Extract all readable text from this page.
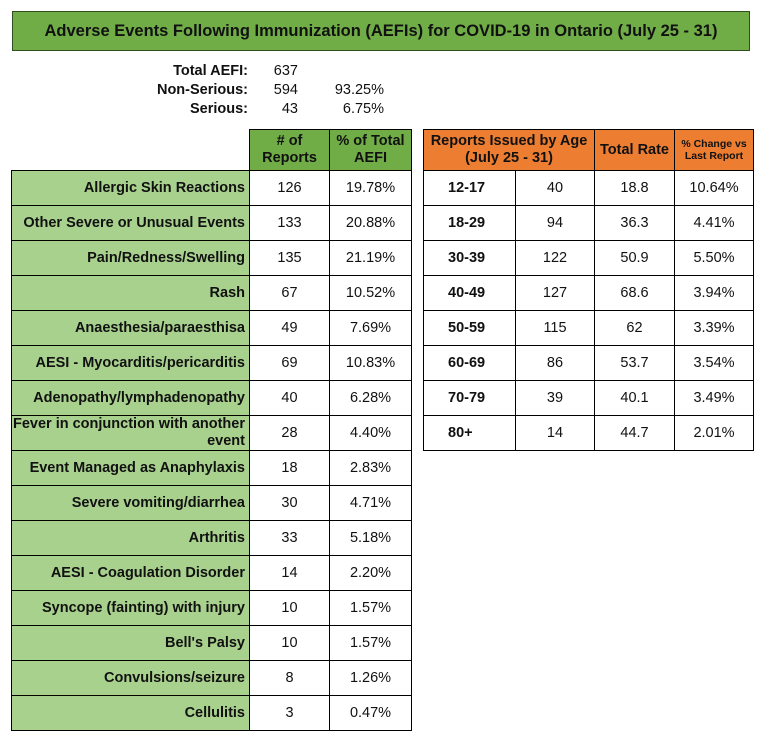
Adverse Events Following Immunization (AEFIs) for COVID-19 in Ontario (July 25 - 31)
Total AEFI:	637
Non-Serious:	594	93.25%
Serious:	43	6.75%
	# of Reports	% of Total AEFI
Allergic Skin Reactions	126	19.78%
Other Severe or Unusual Events	133	20.88%
Pain/Redness/Swelling	135	21.19%
Rash	67	10.52%
Anaesthesia/paraesthisa	49	7.69%
AESI - Myocarditis/pericarditis	69	10.83%
Adenopathy/lymphadenopathy	40	6.28%
Fever in conjunction with another event	28	4.40%
Event Managed as Anaphylaxis	18	2.83%
Severe vomiting/diarrhea	30	4.71%
Arthritis	33	5.18%
AESI - Coagulation Disorder	14	2.20%
Syncope (fainting) with injury	10	1.57%
Bell's Palsy	10	1.57%
Convulsions/seizure	8	1.26%
Cellulitis	3	0.47%
Reports Issued by Age (July 25 - 31)		Total Rate	% Change vs Last Report
12-17	40	18.8	10.64%
18-29	94	36.3	4.41%
30-39	122	50.9	5.50%
40-49	127	68.6	3.94%
50-59	115	62	3.39%
60-69	86	53.7	3.54%
70-79	39	40.1	3.49%
80+	14	44.7	2.01%
